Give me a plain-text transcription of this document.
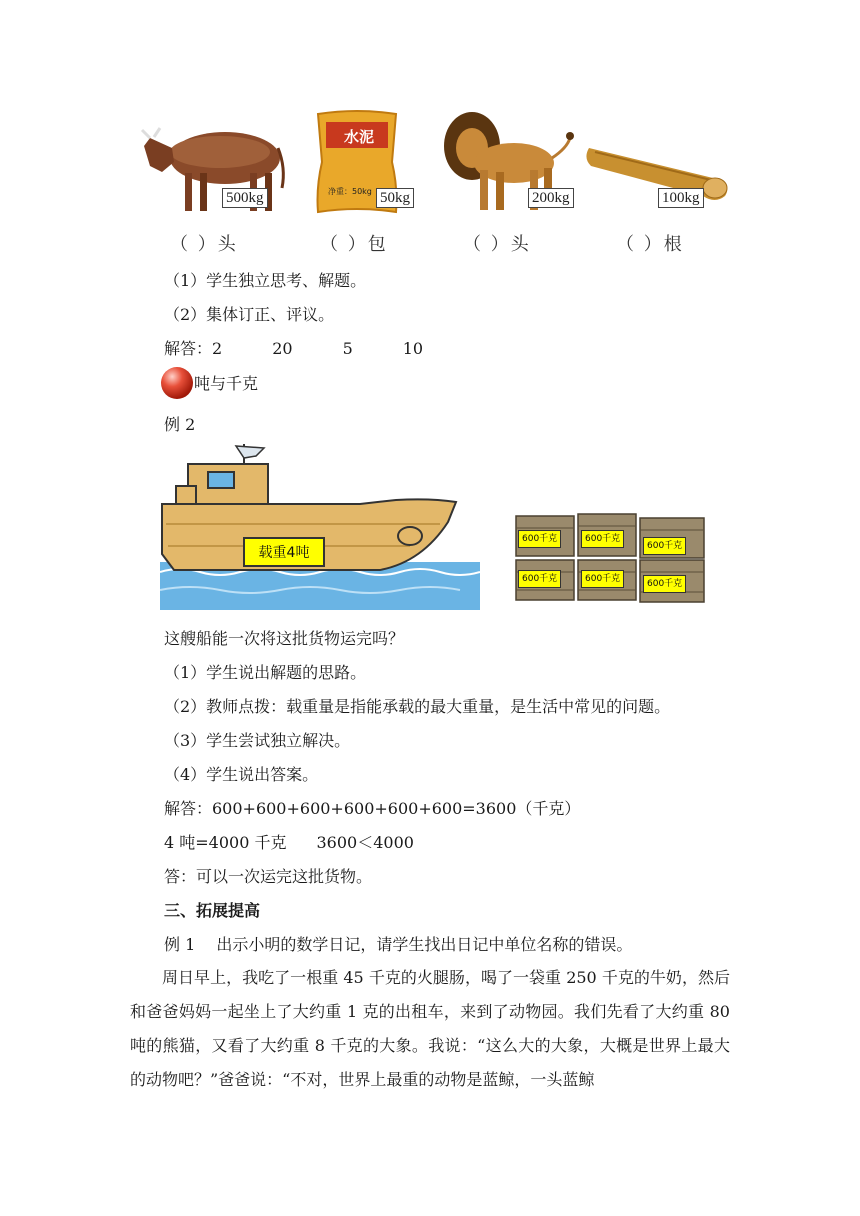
500kg
水泥
净重：50kg 50kg	200kg	100kg
（ ）头	（ ）包	（ ）头	（ ）根
（1）学生独立思考、解题。
（2）集体订正、评议。
解答：2	20	5	10
吨与千克
例 2
载重4吨
600千克	600千克
600千克
600千克	600千克	600千克
这艘船能一次将这批货物运完吗？
（1）学生说出解题的思路。
（2）教师点拨：载重量是指能承载的最大重量，是生活中常见的问题。
（3）学生尝试独立解决。
（4）学生说出答案。
解答：600+600+600+600+600+600=3600（千克）
4 吨=4000 千克 3600＜4000
答：可以一次运完这批货物。
三、拓展提高
例 1　 出示小明的数学日记，请学生找出日记中单位名称的错误。
周日早上，我吃了一根重 45 千克的火腿肠，喝了一袋重 250 千克的牛奶，然后和爸爸妈妈一起坐上了大约重 1 克的出租车，来到了动物园。我们先看了大约重 80 吨的熊猫，又看了大约重 8 千克的大象。我说：“这么大的大象，大概是世界上最大的动物吧？”爸爸说：“不对，世界上最重的动物是蓝鲸，一头蓝鲸
